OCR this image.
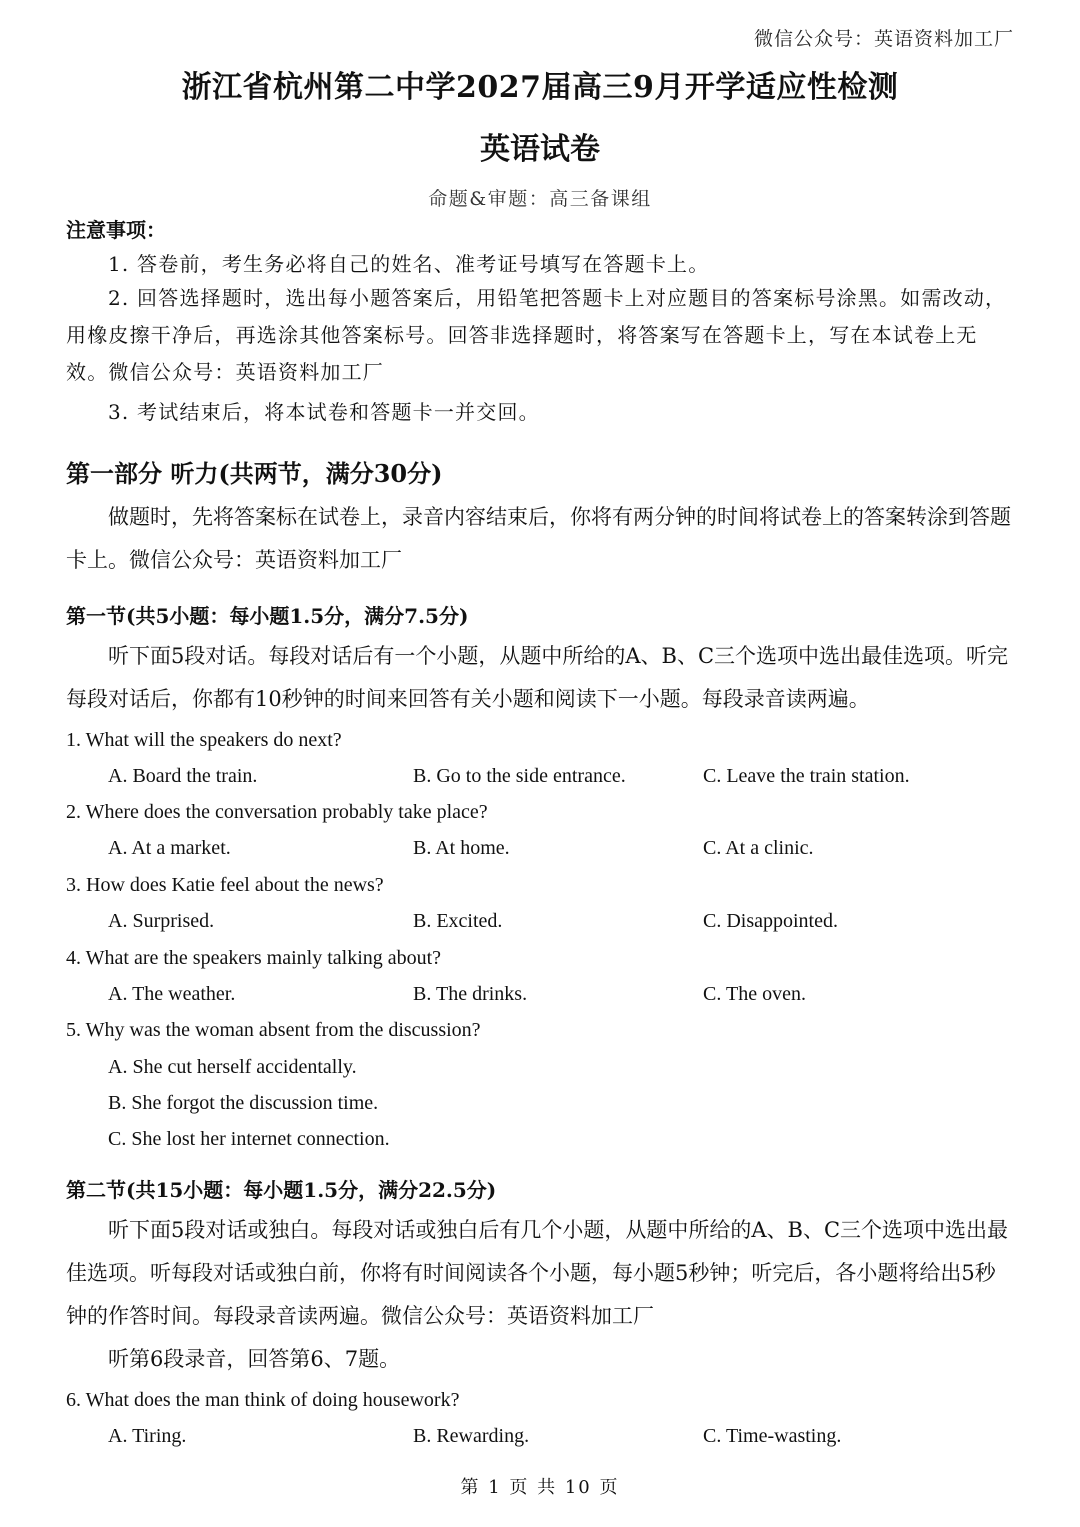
微信公众号：英语资料加工厂
浙江省杭州第二中学2027届高三9月开学适应性检测
英语试卷
命题&审题：高三备课组
注意事项：
1. 答卷前，考生务必将自己的姓名、准考证号填写在答题卡上。
2. 回答选择题时，选出每小题答案后，用铅笔把答题卡上对应题目的答案标号涂黑。如需改动，用橡皮擦干净后，再选涂其他答案标号。回答非选择题时，将答案写在答题卡上，写在本试卷上无效。微信公众号：英语资料加工厂
3. 考试结束后，将本试卷和答题卡一并交回。
第一部分 听力(共两节，满分30分)
做题时，先将答案标在试卷上，录音内容结束后，你将有两分钟的时间将试卷上的答案转涂到答题卡上。微信公众号：英语资料加工厂
第一节(共5小题：每小题1.5分，满分7.5分)
听下面5段对话。每段对话后有一个小题，从题中所给的A、B、C三个选项中选出最佳选项。听完每段对话后，你都有10秒钟的时间来回答有关小题和阅读下一小题。每段录音读两遍。
1. What will the speakers do next?
A. Board the train.	B. Go to the side entrance.	C. Leave the train station.
2. Where does the conversation probably take place?
A. At a market.	B. At home.	C. At a clinic.
3. How does Katie feel about the news?
A. Surprised.	B. Excited.	C. Disappointed.
4. What are the speakers mainly talking about?
A. The weather.	B. The drinks.	C. The oven.
5. Why was the woman absent from the discussion?
A. She cut herself accidentally.
B. She forgot the discussion time.
C. She lost her internet connection.
第二节(共15小题：每小题1.5分，满分22.5分)
听下面5段对话或独白。每段对话或独白后有几个小题，从题中所给的A、B、C三个选项中选出最佳选项。听每段对话或独白前，你将有时间阅读各个小题，每小题5秒钟；听完后，各小题将给出5秒钟的作答时间。每段录音读两遍。微信公众号：英语资料加工厂
听第6段录音，回答第6、7题。
6. What does the man think of doing housework?
A. Tiring.	B. Rewarding.	C. Time-wasting.
第 1 页 共 10 页
